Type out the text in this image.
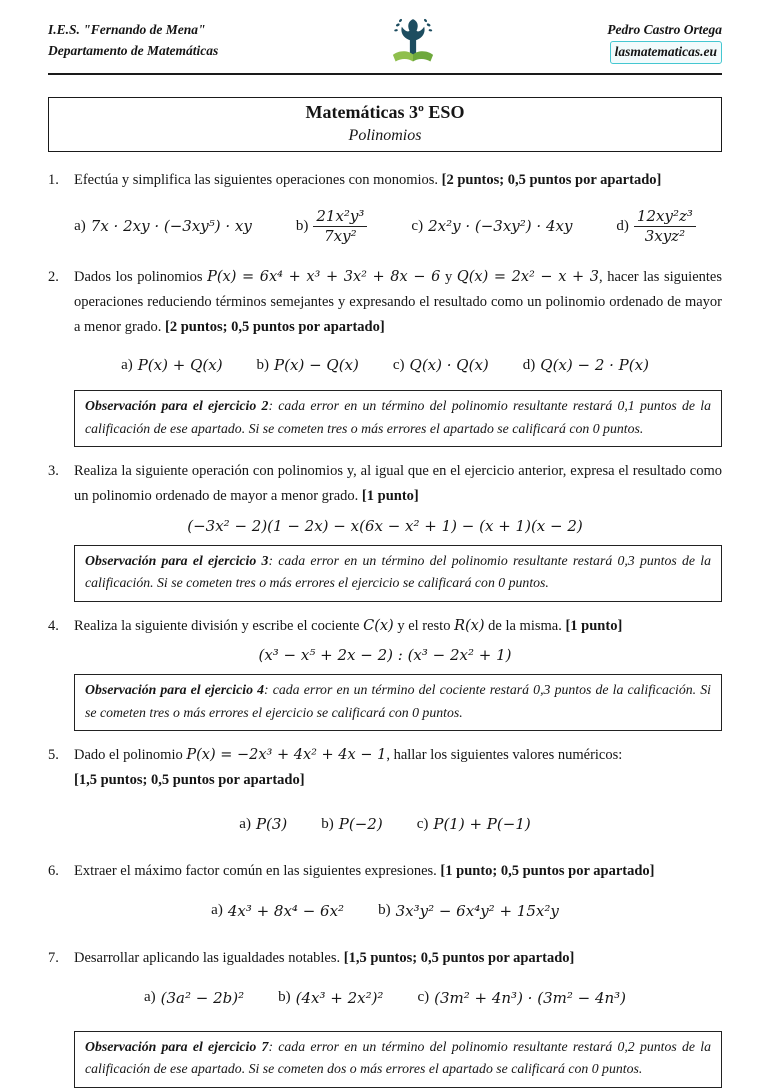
I.E.S. "Fernando de Mena"
Departamento de Matemáticas
Pedro Castro Ortega
lasmatematicas.eu
Matemáticas 3º ESO
Polinomios
1.	Efectúa y simplifica las siguientes operaciones con monomios. [2 puntos; 0,5 puntos por apartado]
a) 7x · 2xy · (−3xy⁵) · xy	$b) \frac{\text{21x²y³}}{\text{7xy²}}$	c) 2x²y · (−3xy²) · 4xy	$d) \frac{\text{12xy²z³}}{\text{3xyz²}}$
2.	Dados los polinomios P(x) = 6x⁴ + x³ + 3x² + 8x − 6 y Q(x) = 2x² − x + 3, hacer las siguientes operaciones reduciendo términos semejantes y expresando el resultado como un polinomio ordenado de mayor a menor grado. [2 puntos; 0,5 puntos por apartado]
a) P(x) + Q(x) b) P(x) − Q(x) c) Q(x) · Q(x) d) Q(x) − 2 · P(x)
Observación para el ejercicio 2: cada error en un término del polinomio resultante restará 0,1 puntos de la calificación de ese apartado. Si se cometen tres o más errores el apartado se calificará con 0 puntos.
3.	Realiza la siguiente operación con polinomios y, al igual que en el ejercicio anterior, expresa el resultado como un polinomio ordenado de mayor a menor grado. [1 punto]
(−3x² − 2)(1 − 2x) − x(6x − x² + 1) − (x + 1)(x − 2)
Observación para el ejercicio 3: cada error en un término del polinomio resultante restará 0,3 puntos de la calificación. Si se cometen tres o más errores el ejercicio se calificará con 0 puntos.
4.	Realiza la siguiente división y escribe el cociente C(x) y el resto R(x) de la misma. [1 punto]
(x³ − x⁵ + 2x − 2) : (x³ − 2x² + 1)
Observación para el ejercicio 4: cada error en un término del cociente restará 0,3 puntos de la calificación. Si se cometen tres o más errores el ejercicio se calificará con 0 puntos.
5.	Dado el polinomio P(x) = −2x³ + 4x² + 4x − 1, hallar los siguientes valores numéricos:
[1,5 puntos; 0,5 puntos por apartado]
a) P(3) b) P(−2) c) P(1) + P(−1)
6.	Extraer el máximo factor común en las siguientes expresiones. [1 punto; 0,5 puntos por apartado]
a) 4x³ + 8x⁴ − 6x² b) 3x³y² − 6x⁴y² + 15x²y
7.	Desarrollar aplicando las igualdades notables. [1,5 puntos; 0,5 puntos por apartado]
a) (3a² − 2b)² b) (4x³ + 2x²)² c) (3m² + 4n³) · (3m² − 4n³)
Observación para el ejercicio 7: cada error en un término del polinomio resultante restará 0,2 puntos de la calificación de ese apartado. Si se cometen dos o más errores el apartado se calificará con 0 puntos.
